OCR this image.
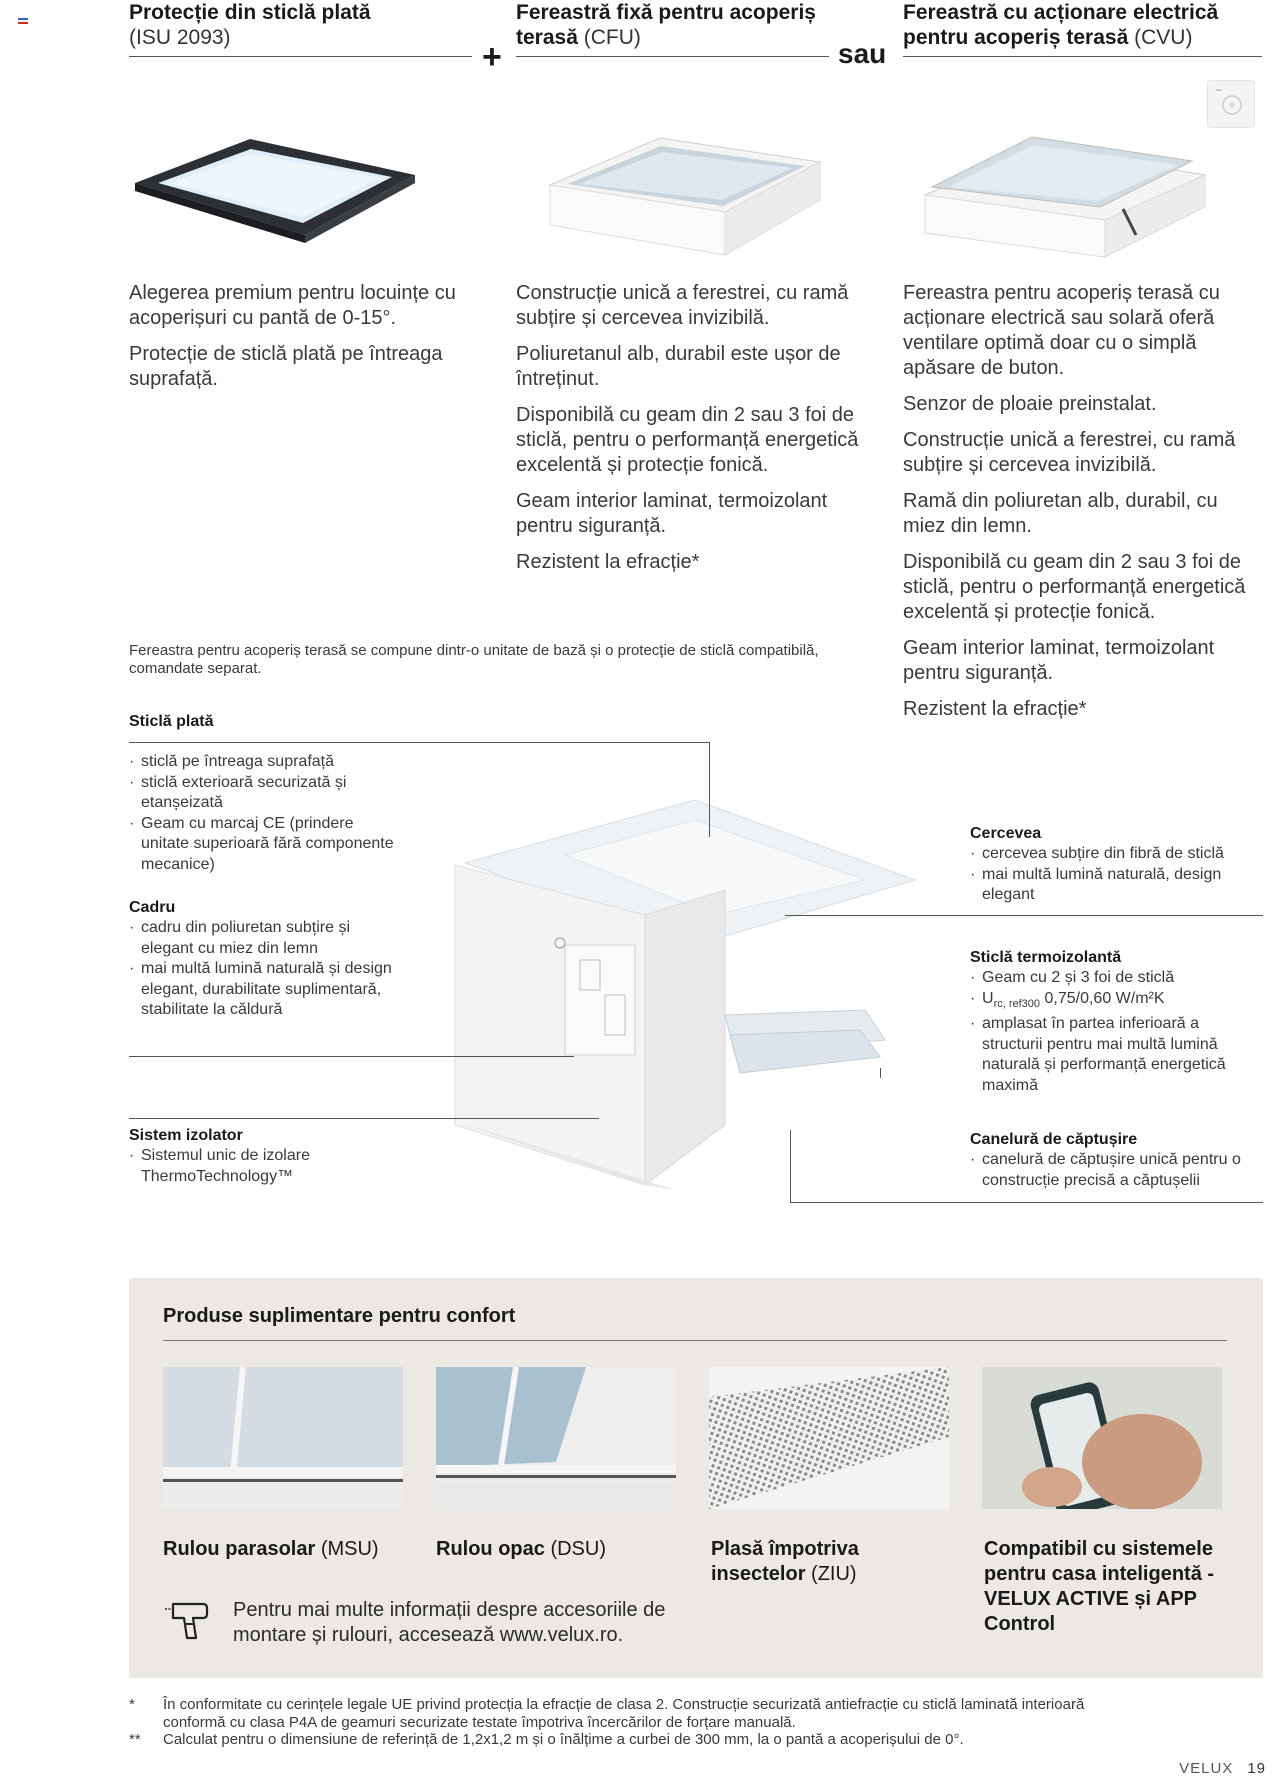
Protecție din sticlă plată
(ISU 2093)
+
Fereastră fixă pentru acoperiș terasă (CFU)
sau
Fereastră cu acționare electrică pentru acoperiș terasă (CVU)

Alegerea premium pentru locuințe cu acoperișuri cu pantă de 0-15°.

Protecție de sticlă plată pe întreaga suprafață.

Construcție unică a ferestrei, cu ramă subțire și cercevea invizibilă.

Poliuretanul alb, durabil este ușor de întreținut.

Disponibilă cu geam din 2 sau 3 foi de sticlă, pentru o performanță energetică excelentă și protecție fonică.

Geam interior laminat, termoizolant pentru siguranță.

Rezistent la efracție*

Fereastra pentru acoperiș terasă cu acționare electrică sau solară oferă ventilare optimă doar cu o simplă apăsare de buton.

Senzor de ploaie preinstalat.

Construcție unică a ferestrei, cu ramă subțire și cercevea invizibilă.

Ramă din poliuretan alb, durabil, cu miez din lemn.

Disponibilă cu geam din 2 sau 3 foi de sticlă, pentru o performanță energetică excelentă și protecție fonică.

Geam interior laminat, termoizolant pentru siguranță.

Rezistent la efracție*

Fereastra pentru acoperiș terasă se compune dintr-o unitate de bază și o protecție de sticlă compatibilă, comandate separat.
Sticlă plată
· sticlă pe întreaga suprafață
· sticlă exterioară securizată și etanșeizată
· Geam cu marcaj CE (prindere unitate superioară fără componente mecanice)
Cadru
· cadru din poliuretan subțire și elegant cu miez din lemn
· mai multă lumină naturală și design elegant, durabilitate suplimentară, stabilitate la căldură
Sistem izolator
· Sistemul unic de izolare ThermoTechnology™
Cercevea
· cercevea subțire din fibră de sticlă
· mai multă lumină naturală, design elegant
Sticlă termoizolantă
· Geam cu 2 și 3 foi de sticlă
· $U_{rc, ref300}$ 0,75/0,60 W/m²K
· amplasat în partea inferioară a structurii pentru mai multă lumină naturală și performanță energetică maximă
Canelură de căptușire
· canelură de căptușire unică pentru o construcție precisă a căptușelii
Produse suplimentare pentru confort
Rulou parasolar (MSU)	Rulou opac (DSU)	Plasă împotriva insectelor (ZIU)
Compatibil cu sistemele pentru casa inteligentă - VELUX ACTIVE și APP Control
Pentru mai multe informații despre accesoriile de montare și rulouri, accesează www.velux.ro.
*	În conformitate cu cerințele legale UE privind protecția la efracție de clasa 2. Construcție securizată antiefracție cu sticlă laminată interioară conformă cu clasa P4A de geamuri securizate testate împotriva încercărilor de forțare manuală.
**	Calculat pentru o dimensiune de referință de 1,2x1,2 m și o înălțime a curbei de 300 mm, la o pantă a acoperișului de 0°.
VELUX 19
